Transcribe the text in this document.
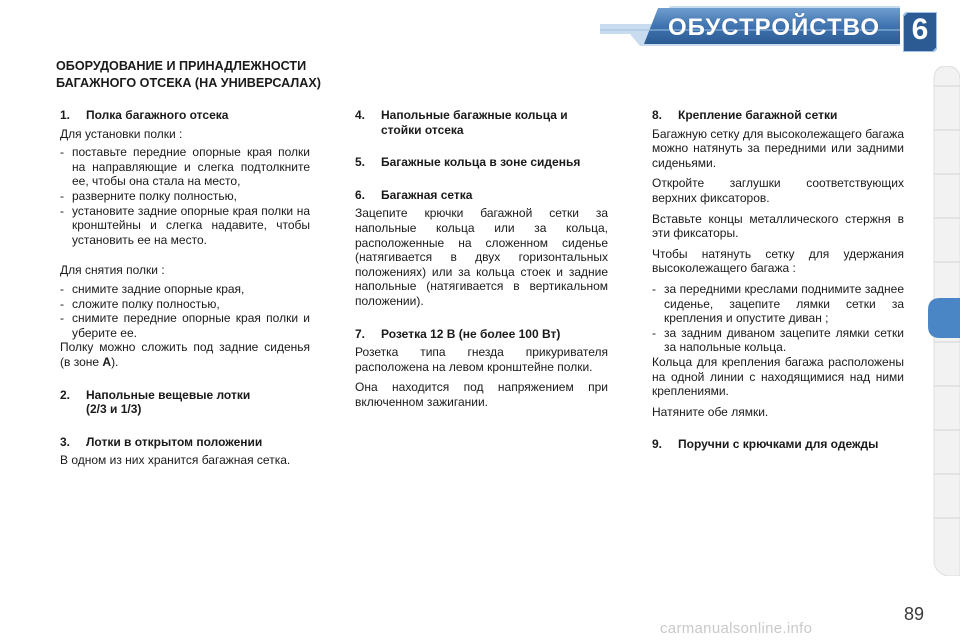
ОБУСТРОЙСТВО 6
ОБОРУДОВАНИЕ И ПРИНАДЛЕЖНОСТИ
БАГАЖНОГО ОТСЕКА (НА УНИВЕРСАЛАХ)
1.	Полка багажного отсека
Для установки полки :
- поставьте передние опорные края полки на направляющие и слегка подтолкните ее, чтобы она стала на место,
- разверните полку полностью,
- установите задние опорные края полки на кронштейны и слегка надавите, чтобы установить ее на место.
Для снятия полки :
- снимите задние опорные края,
- сложите полку полностью,
- снимите передние опорные края полки и уберите ее.
Полку можно сложить под задние сиденья (в зоне А).
2.	Напольные вещевые лотки
(2/3 и 1/3)
3.	Лотки в открытом положении
В одном из них хранится багажная сетка.
4.	Напольные багажные кольца и
стойки отсека
5.	Багажные кольца в зоне сиденья
6.	Багажная сетка
Зацепите крючки багажной сетки за напольные кольца или за кольца, расположенные на сложенном сиденье (натягивается в двух горизонтальных положениях) или за кольца стоек и задние напольные (натягивается в вертикальном положении).
7.	Розетка 12 В (не более 100 Вт)
Розетка типа гнезда прикуривателя расположена на левом кронштейне полки.
Она находится под напряжением при включенном зажигании.
8.	Крепление багажной сетки
Багажную сетку для высоколежащего багажа можно натянуть за передними или задними сиденьями.
Откройте заглушки соответствующих верхних фиксаторов.
Вставьте концы металлического стержня в эти фиксаторы.
Чтобы натянуть сетку для удержания высоколежащего багажа :
- за передними креслами поднимите заднее сиденье, зацепите лямки сетки за крепления и опустите диван ;
- за задним диваном зацепите лямки сетки за напольные кольца.
Кольца для крепления багажа расположены на одной линии с находящимися над ними креплениями.
Натяните обе лямки.
9.	Поручни с крючками для одежды
89
carmanualsonline.info
